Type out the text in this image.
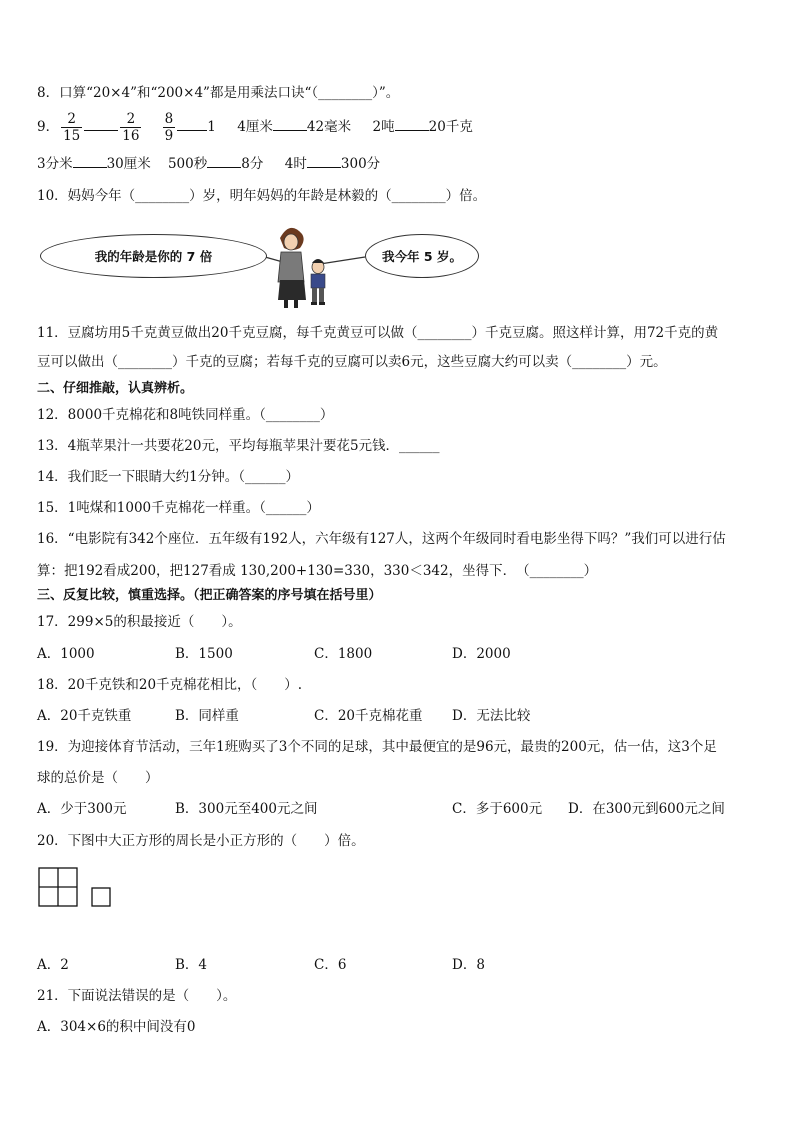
8．口算“20×4”和“200×4”都是用乘法口诀“（________）”。
9． $\frac{2}{15}$	$\frac{2}{16}$
$\frac{8}{9} 1$ 4厘米	42毫米 2吨	20千克
3分米	30厘米 500秒	8分 4时	300分
10．妈妈今年（________）岁，明年妈妈的年龄是林毅的（________）倍。
我的年龄是你的 7 倍	我今年 5 岁。
11．豆腐坊用5千克黄豆做出20千克豆腐，每千克黄豆可以做（________）千克豆腐。照这样计算，用72千克的黄
豆可以做出（________）千克的豆腐；若每千克的豆腐可以卖6元，这些豆腐大约可以卖（________）元。
二、仔细推敲，认真辨析。
12．8000千克棉花和8吨铁同样重。（________）
13．4瓶苹果汁一共要花20元，平均每瓶苹果汁要花5元钱．______
14．我们眨一下眼睛大约1分钟。（______）
15．1吨煤和1000千克棉花一样重。（______）
16．“电影院有342个座位．五年级有192人，六年级有127人，这两个年级同时看电影坐得下吗？”我们可以进行估
算：把192看成200，把127看成 130,200+130=330，330＜342，坐得下．　（________）
三、反复比较，慎重选择。（把正确答案的序号填在括号里）
17．299×5的积最接近（　　）。
A．1000	B．1500	C．1800	D．2000
18．20千克铁和20千克棉花相比，（　　）.
A．20千克铁重	B．同样重	C．20千克棉花重 D．无法比较
19．为迎接体育节活动，三年1班购买了3个不同的足球，其中最便宜的是96元，最贵的200元，估一估，这3个足
球的总价是（　　）
A．少于300元	B．300元至400元之间	C．多于600元 D．在300元到600元之间
20．下图中大正方形的周长是小正方形的（　　）倍。
A．2	B．4	C．6	D．8
21．下面说法错误的是（　　）。
A．304×6的积中间没有0
